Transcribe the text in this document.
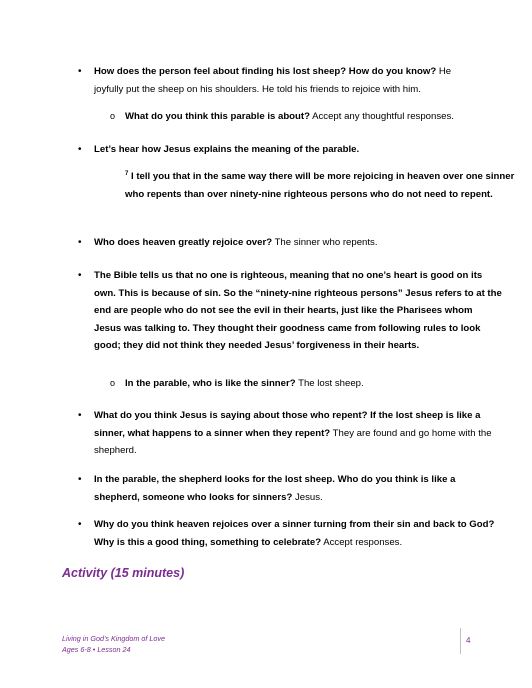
• How does the person feel about finding his lost sheep? How do you know? He joyfully put the sheep on his shoulders. He told his friends to rejoice with him.
o What do you think this parable is about? Accept any thoughtful responses.
• Let’s hear how Jesus explains the meaning of the parable.
$^7$ I tell you that in the same way there will be more rejoicing in heaven over one sinner who repents than over ninety-nine righteous persons who do not need to repent.
• Who does heaven greatly rejoice over? The sinner who repents.
• The Bible tells us that no one is righteous, meaning that no one’s heart is good on its own. This is because of sin. So the “ninety-nine righteous persons” Jesus refers to at the end are people who do not see the evil in their hearts, just like the Pharisees whom Jesus was talking to. They thought their goodness came from following rules to look good; they did not think they needed Jesus’ forgiveness in their hearts.
o In the parable, who is like the sinner? The lost sheep.
• What do you think Jesus is saying about those who repent? If the lost sheep is like a sinner, what happens to a sinner when they repent? They are found and go home with the shepherd.
• In the parable, the shepherd looks for the lost sheep. Who do you think is like a shepherd, someone who looks for sinners? Jesus.
• Why do you think heaven rejoices over a sinner turning from their sin and back to God? Why is this a good thing, something to celebrate? Accept responses.
Activity (15 minutes)
Living in God’s Kingdom of Love
Ages 6-8 • Lesson 24
4
